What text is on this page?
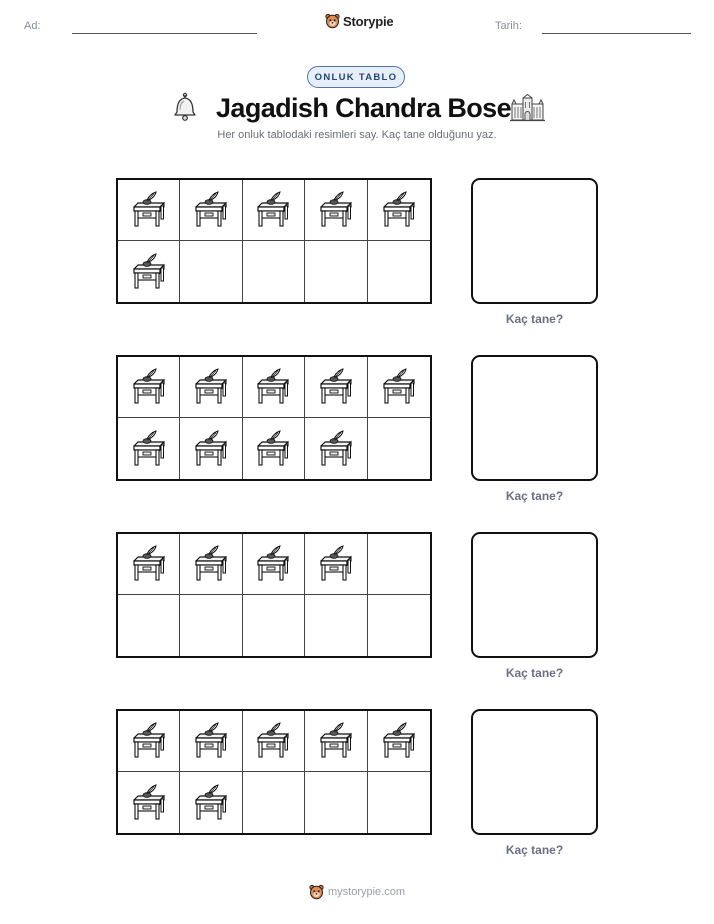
Ad:	Storypie	Tarih:
ONLUK TABLO
Jagadish Chandra Bose
Her onluk tablodaki resimleri say. Kaç tane olduğunu yaz.
Kaç tane?
Kaç tane?
Kaç tane?
Kaç tane?
mystorypie.com
